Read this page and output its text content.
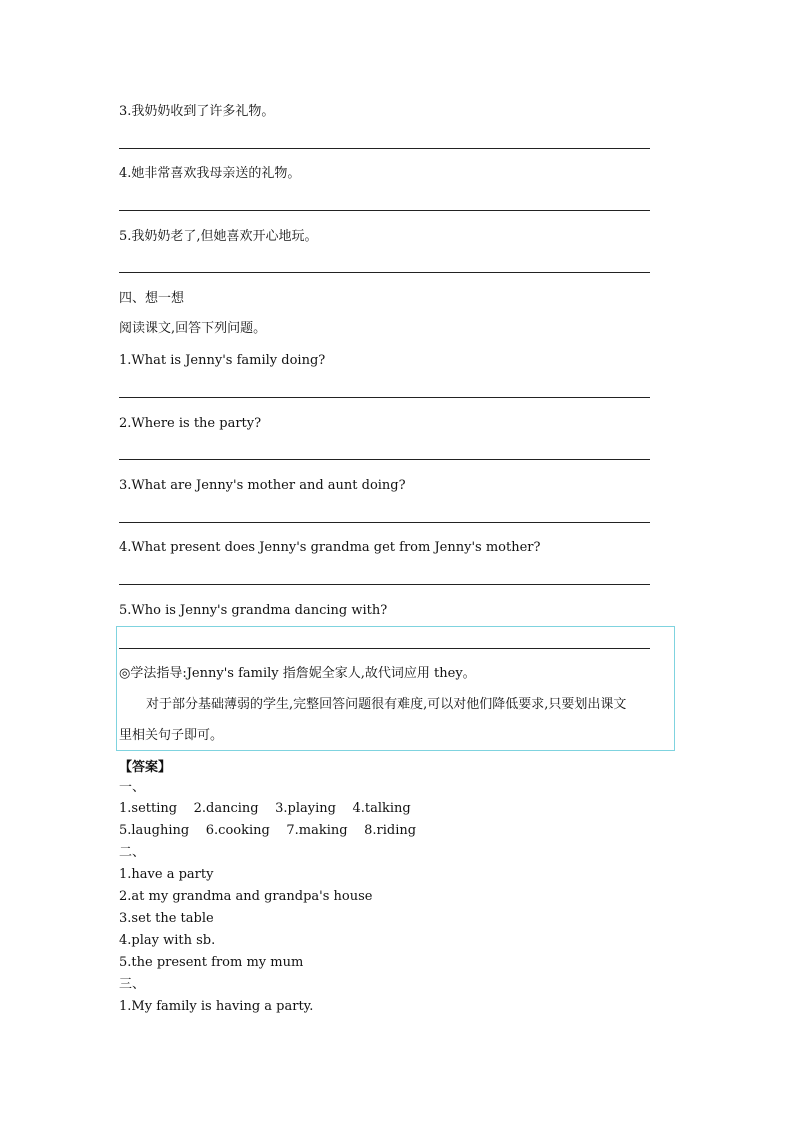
3.我奶奶收到了许多礼物。
4.她非常喜欢我母亲送的礼物。
5.我奶奶老了,但她喜欢开心地玩。
四、想一想
阅读课文,回答下列问题。
1.What is Jenny's family doing?
2.Where is the party?
3.What are Jenny's mother and aunt doing?
4.What present does Jenny's grandma get from Jenny's mother?
5.Who is Jenny's grandma dancing with?
◎学法指导:Jenny's family 指詹妮全家人,故代词应用 they。
对于部分基础薄弱的学生,完整回答问题很有难度,可以对他们降低要求,只要划出课文
里相关句子即可。
【答案】
一、
1.setting    2.dancing    3.playing    4.talking
5.laughing    6.cooking    7.making    8.riding
二、
1.have a party
2.at my grandma and grandpa's house
3.set the table
4.play with sb.
5.the present from my mum
三、
1.My family is having a party.
